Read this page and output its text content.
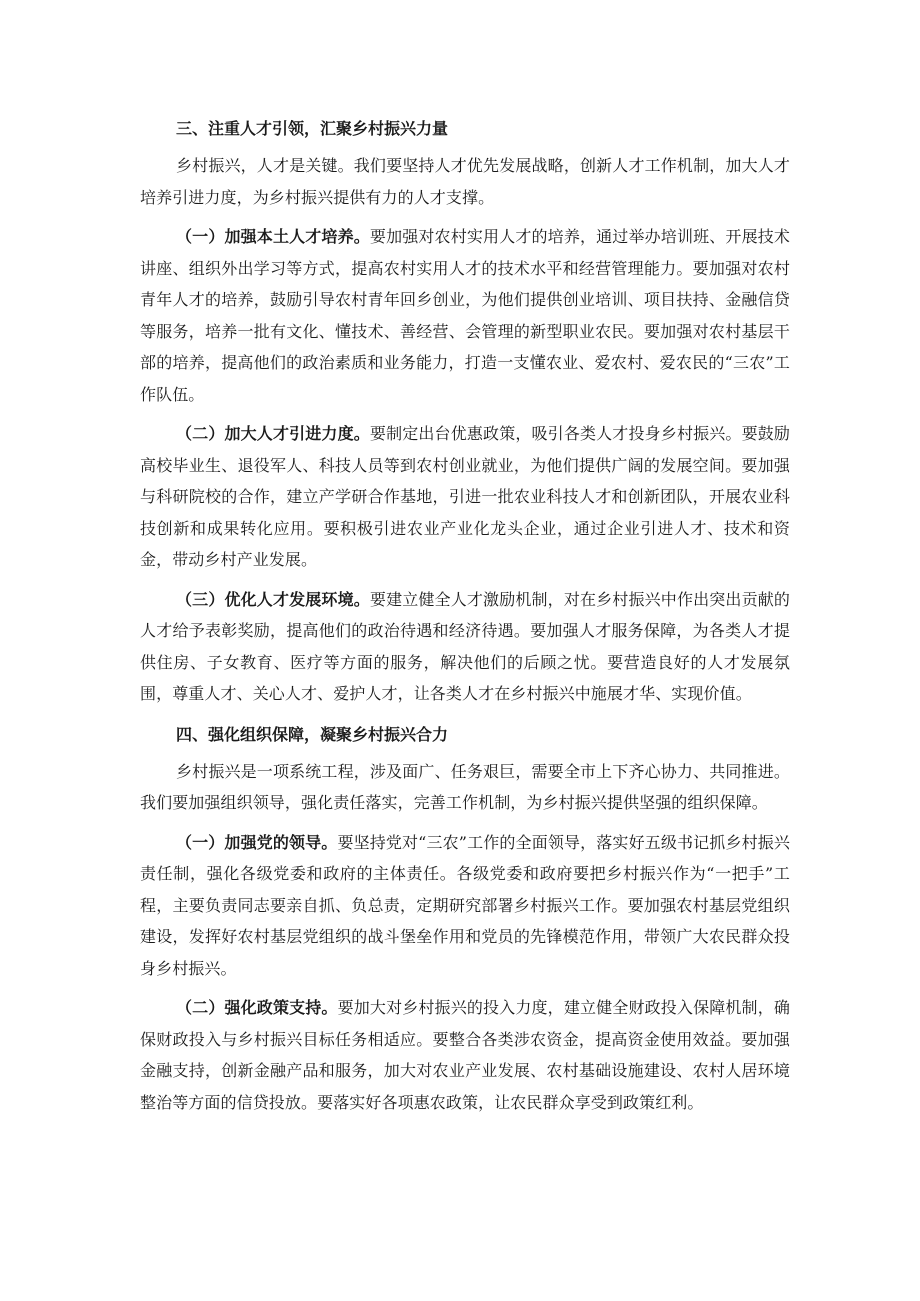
三、注重人才引领，汇聚乡村振兴力量

乡村振兴，人才是关键。我们要坚持人才优先发展战略，创新人才工作机制，加大人才培养引进力度，为乡村振兴提供有力的人才支撑。

（一）加强本土人才培养。要加强对农村实用人才的培养，通过举办培训班、开展技术讲座、组织外出学习等方式，提高农村实用人才的技术水平和经营管理能力。要加强对农村青年人才的培养，鼓励引导农村青年回乡创业，为他们提供创业培训、项目扶持、金融信贷等服务，培养一批有文化、懂技术、善经营、会管理的新型职业农民。要加强对农村基层干部的培养，提高他们的政治素质和业务能力，打造一支懂农业、爱农村、爱农民的“三农”工作队伍。

（二）加大人才引进力度。要制定出台优惠政策，吸引各类人才投身乡村振兴。要鼓励高校毕业生、退役军人、科技人员等到农村创业就业，为他们提供广阔的发展空间。要加强与科研院校的合作，建立产学研合作基地，引进一批农业科技人才和创新团队，开展农业科技创新和成果转化应用。要积极引进农业产业化龙头企业，通过企业引进人才、技术和资金，带动乡村产业发展。

（三）优化人才发展环境。要建立健全人才激励机制，对在乡村振兴中作出突出贡献的人才给予表彰奖励，提高他们的政治待遇和经济待遇。要加强人才服务保障，为各类人才提供住房、子女教育、医疗等方面的服务，解决他们的后顾之忧。要营造良好的人才发展氛围，尊重人才、关心人才、爱护人才，让各类人才在乡村振兴中施展才华、实现价值。

四、强化组织保障，凝聚乡村振兴合力

乡村振兴是一项系统工程，涉及面广、任务艰巨，需要全市上下齐心协力、共同推进。我们要加强组织领导，强化责任落实，完善工作机制，为乡村振兴提供坚强的组织保障。

（一）加强党的领导。要坚持党对“三农”工作的全面领导，落实好五级书记抓乡村振兴责任制，强化各级党委和政府的主体责任。各级党委和政府要把乡村振兴作为“一把手”工程，主要负责同志要亲自抓、负总责，定期研究部署乡村振兴工作。要加强农村基层党组织建设，发挥好农村基层党组织的战斗堡垒作用和党员的先锋模范作用，带领广大农民群众投身乡村振兴。

（二）强化政策支持。要加大对乡村振兴的投入力度，建立健全财政投入保障机制，确保财政投入与乡村振兴目标任务相适应。要整合各类涉农资金，提高资金使用效益。要加强金融支持，创新金融产品和服务，加大对农业产业发展、农村基础设施建设、农村人居环境整治等方面的信贷投放。要落实好各项惠农政策，让农民群众享受到政策红利。
